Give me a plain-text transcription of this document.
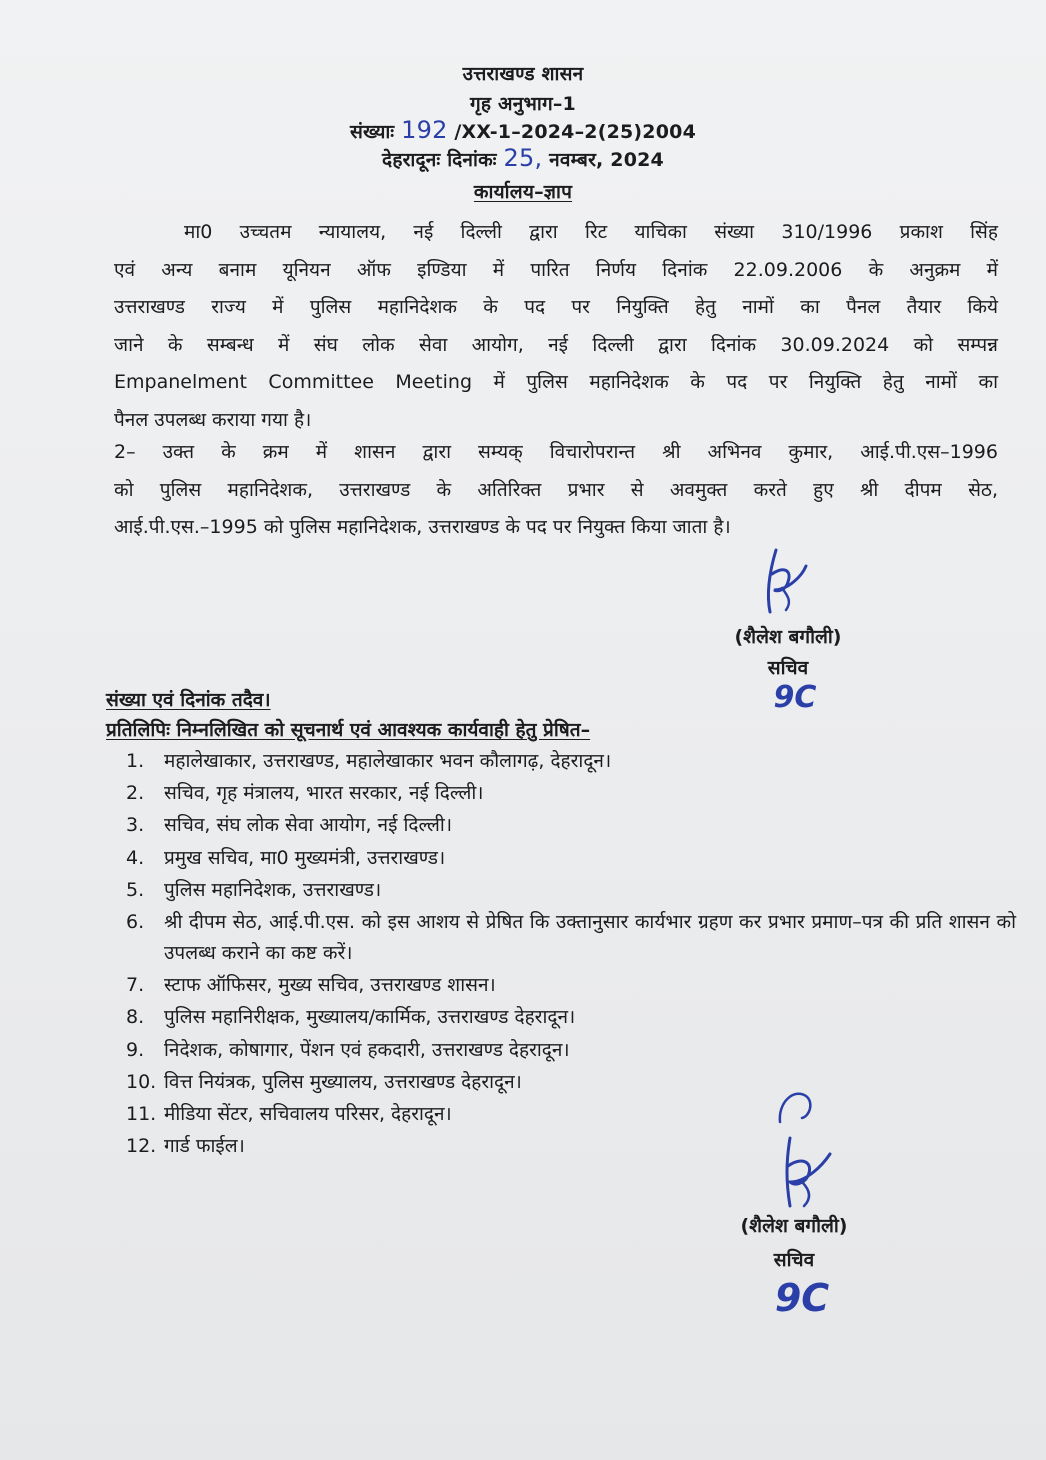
उत्तराखण्ड शासन
गृह अनुभाग–1
संख्याः 192 /XX-1–2024–2(25)2004
देहरादूनः दिनांकः 25, नवम्बर, 2024
कार्यालय–ज्ञाप
मा0 उच्चतम न्यायालय, नई दिल्ली द्वारा रिट याचिका संख्या 310/1996 प्रकाश सिंह
एवं अन्य बनाम यूनियन ऑफ इण्डिया में पारित निर्णय दिनांक 22.09.2006 के अनुक्रम में
उत्तराखण्ड राज्य में पुलिस महानिदेशक के पद पर नियुक्ति हेतु नामों का पैनल तैयार किये
जाने के सम्बन्ध में संघ लोक सेवा आयोग, नई दिल्ली द्वारा दिनांक 30.09.2024 को सम्पन्न
Empanelment Committee Meeting में पुलिस महानिदेशक के पद पर नियुक्ति हेतु नामों का
पैनल उपलब्ध कराया गया है।
2– उक्त के क्रम में शासन द्वारा सम्यक् विचारोपरान्त श्री अभिनव कुमार, आई.पी.एस–1996
को पुलिस महानिदेशक, उत्तराखण्ड के अतिरिक्त प्रभार से अवमुक्त करते हुए श्री दीपम सेठ,
आई.पी.एस.–1995 को पुलिस महानिदेशक, उत्तराखण्ड के पद पर नियुक्त किया जाता है।
(शैलेश बगौली)
सचिव
9C
संख्या एवं दिनांक तदैव।
प्रतिलिपिः निम्नलिखित को सूचनार्थ एवं आवश्यक कार्यवाही हेतु प्रेषित–
1. महालेखाकार, उत्तराखण्ड, महालेखाकार भवन कौलागढ़, देहरादून।
2. सचिव, गृह मंत्रालय, भारत सरकार, नई दिल्ली।
3. सचिव, संघ लोक सेवा आयोग, नई दिल्ली।
4. प्रमुख सचिव, मा0 मुख्यमंत्री, उत्तराखण्ड।
5. पुलिस महानिदेशक, उत्तराखण्ड।
6. श्री दीपम सेठ, आई.पी.एस. को इस आशय से प्रेषित कि उक्तानुसार कार्यभार ग्रहण कर प्रभार प्रमाण–पत्र की प्रति शासन को उपलब्ध कराने का कष्ट करें।
7. स्टाफ ऑफिसर, मुख्य सचिव, उत्तराखण्ड शासन।
8. पुलिस महानिरीक्षक, मुख्यालय/कार्मिक, उत्तराखण्ड देहरादून।
9. निदेशक, कोषागार, पेंशन एवं हकदारी, उत्तराखण्ड देहरादून।
10. वित्त नियंत्रक, पुलिस मुख्यालय, उत्तराखण्ड देहरादून।
11. मीडिया सेंटर, सचिवालय परिसर, देहरादून।
12. गार्ड फाईल।
(शैलेश बगौली)
सचिव
9C
